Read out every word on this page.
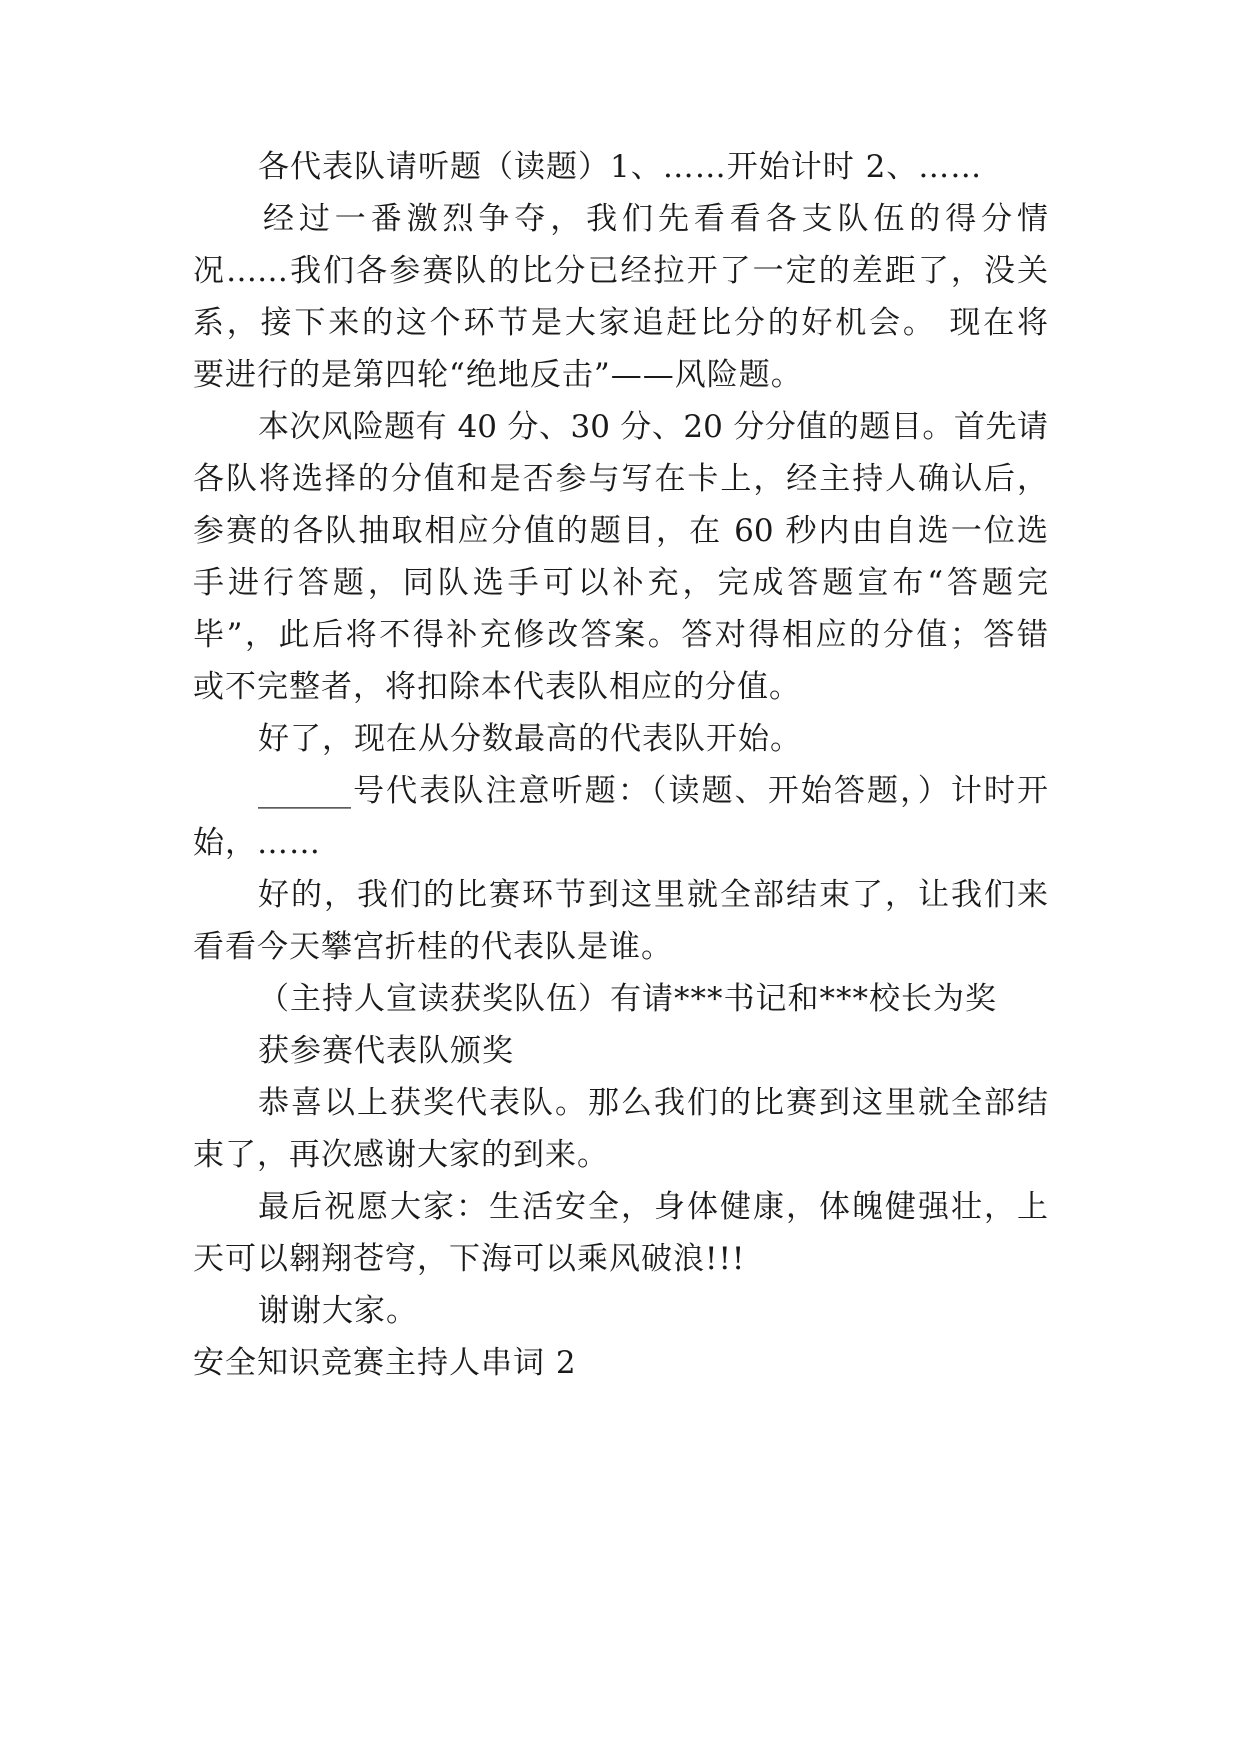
各代表队请听题（读题）1、……开始计时 2、……
经过一番激烈争夺，我们先看看各支队伍的得分情
况……我们各参赛队的比分已经拉开了一定的差距了，没关
系，接下来的这个环节是大家追赶比分的好机会。 现在将
要进行的是第四轮“绝地反击”——风险题。
本次风险题有 40 分、30 分、20 分分值的题目。首先请
各队将选择的分值和是否参与写在卡上，经主持人确认后，
参赛的各队抽取相应分值的题目，在 60 秒内由自选一位选
手进行答题，同队选手可以补充，完成答题宣布“答题完
毕”，此后将不得补充修改答案。答对得相应的分值；答错
或不完整者，将扣除本代表队相应的分值。
好了，现在从分数最高的代表队开始。
______号代表队注意听题：（读题、开始答题，）计时开
始，……
好的，我们的比赛环节到这里就全部结束了，让我们来
看看今天攀宫折桂的代表队是谁。
（主持人宣读获奖队伍）有请***书记和***校长为奖
获参赛代表队颁奖
恭喜以上获奖代表队。那么我们的比赛到这里就全部结
束了，再次感谢大家的到来。
最后祝愿大家：生活安全，身体健康，体魄健强壮，上
天可以翱翔苍穹，下海可以乘风破浪!!!
谢谢大家。
安全知识竞赛主持人串词 2
